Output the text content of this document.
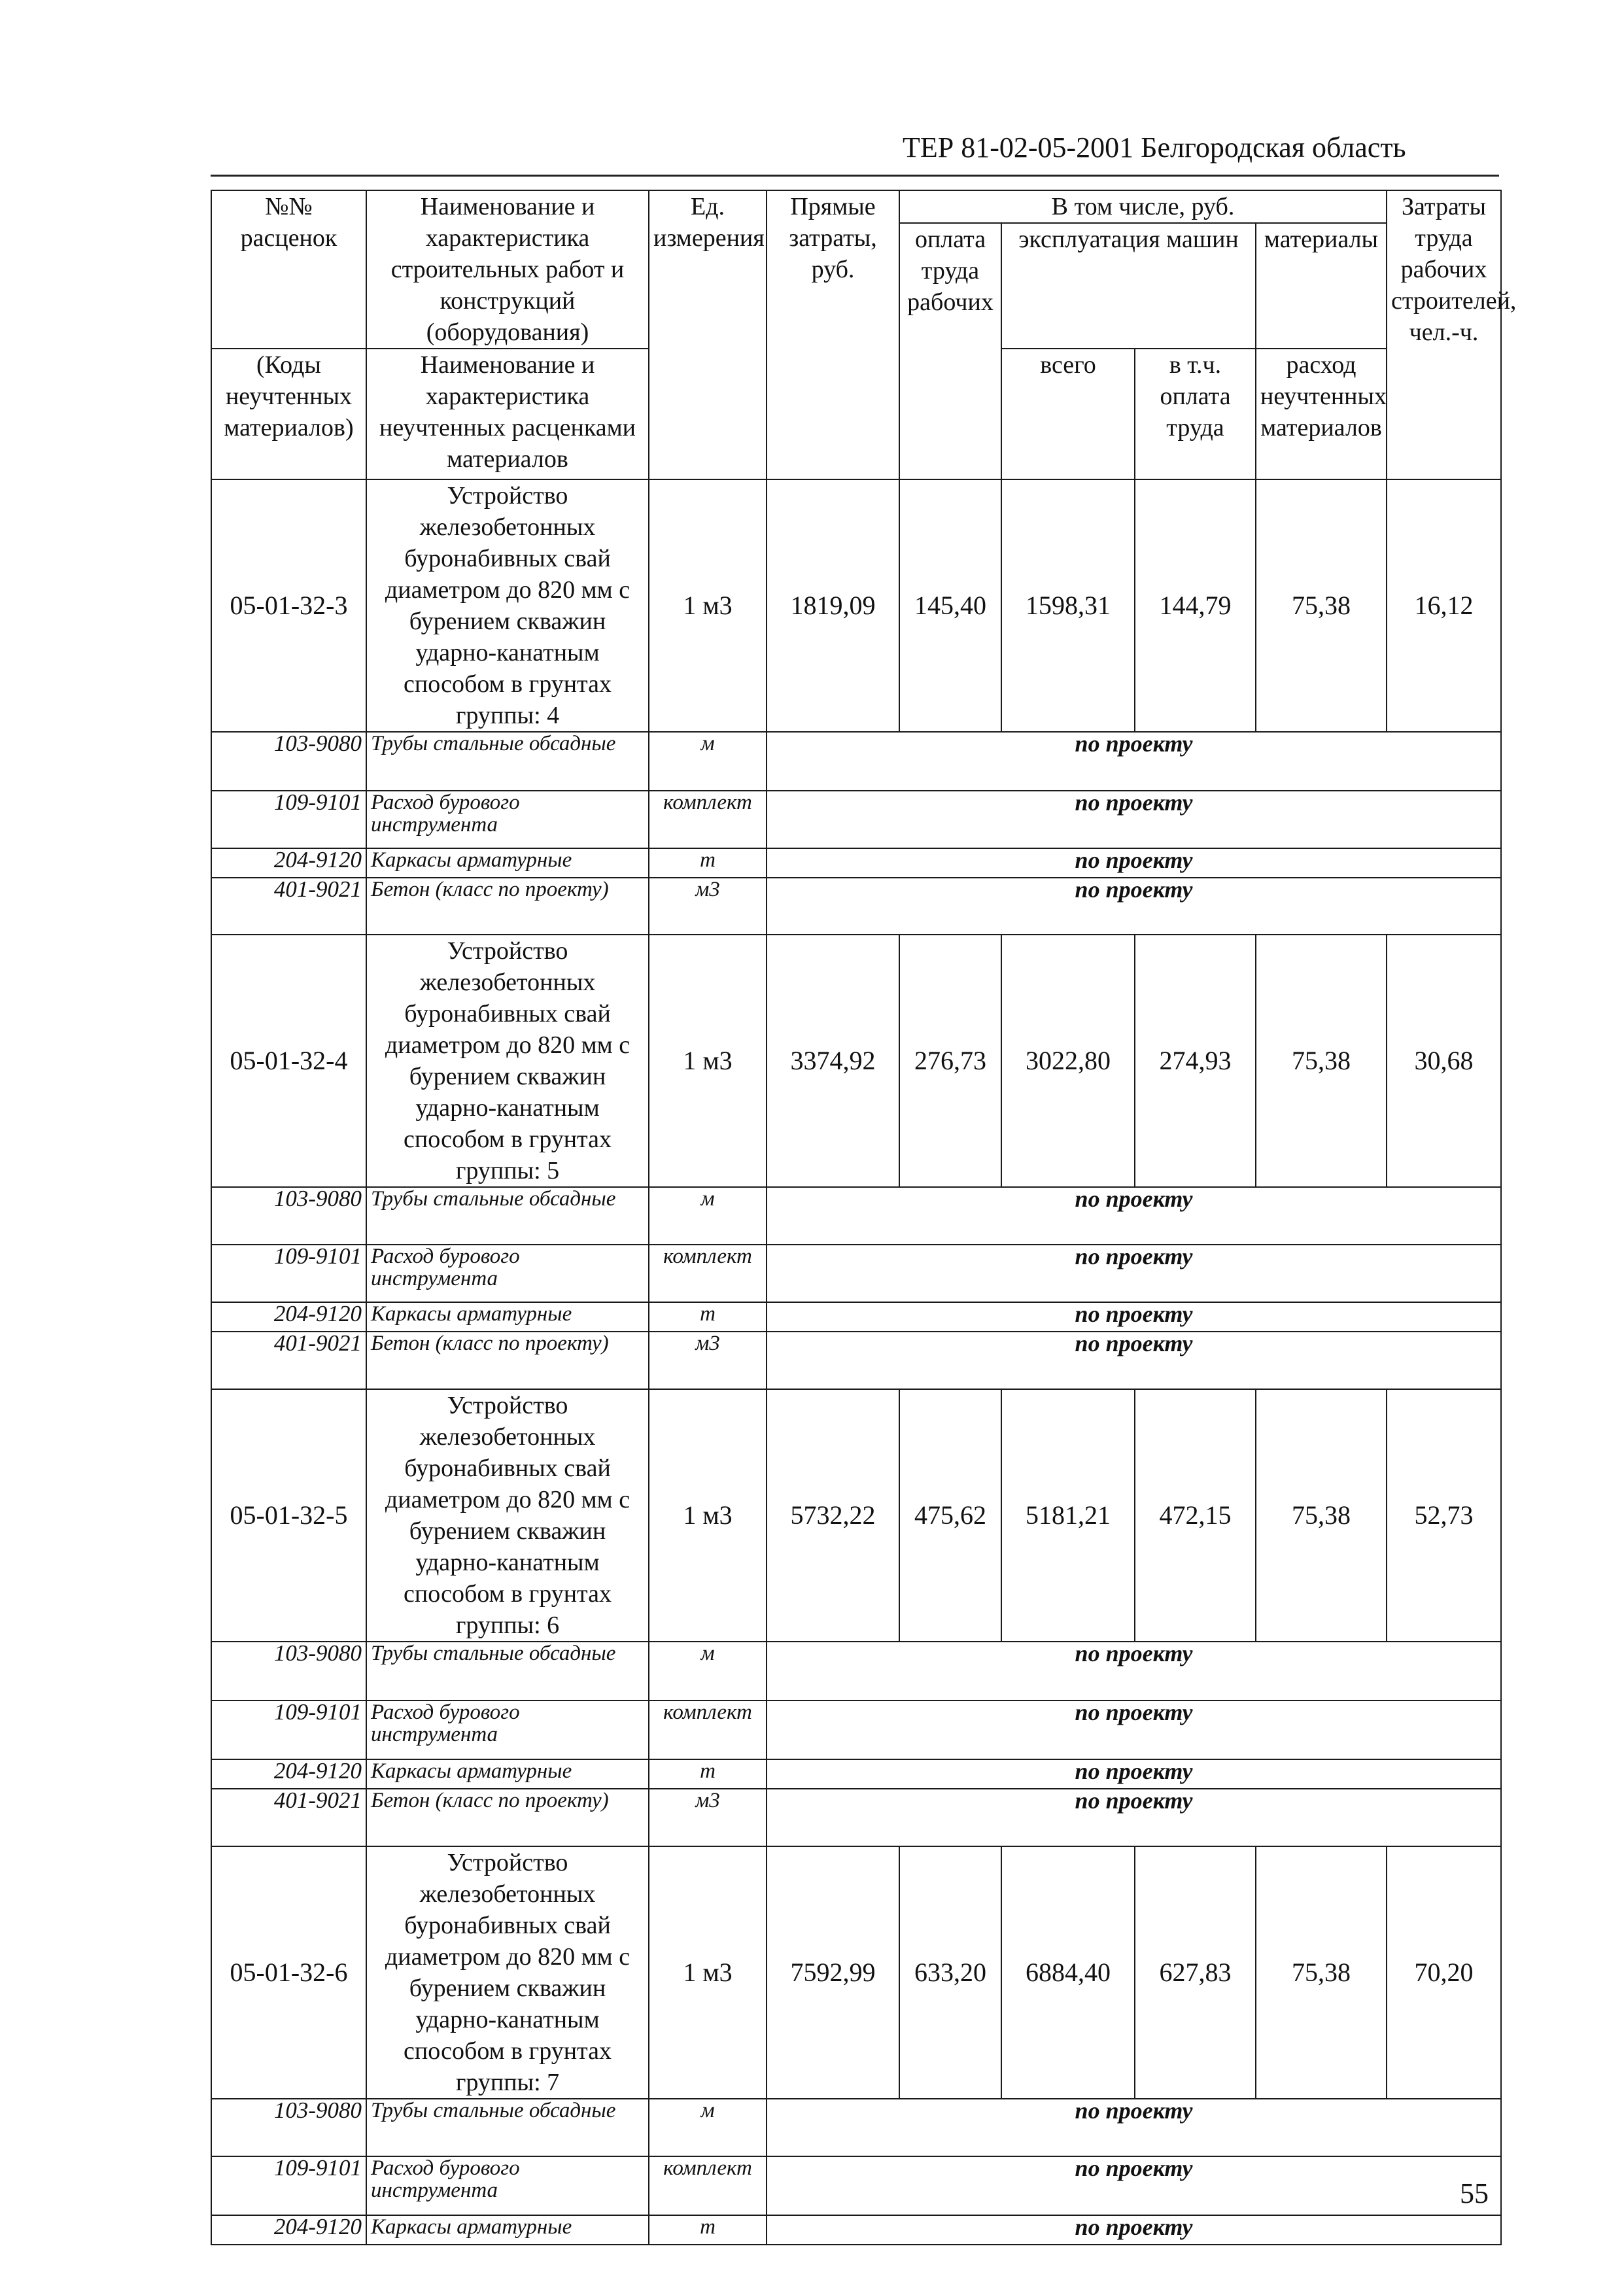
ТЕР 81-02-05-2001 Белгородская область
№№ расценок	Наименование и характеристика строительных работ и конструкций (оборудования)	Ед. измерения	Прямые затраты, руб.	В том числе, руб.				Затраты труда рабочих строителей, чел.-ч.
				оплата труда рабочих	эксплуатация машин		материалы	

(Коды неучтенных материалов)	Наименование и характеристика неучтенных расценками материалов				всего	в т.ч. оплата труда	расход неучтенных материалов	

05-01-32-3	Устройство железобетонных буронабивных свай диаметром до 820 мм с бурением скважин ударно-канатным способом в грунтах группы: 4	1 м3	1819,09	145,40	1598,31	144,79	75,38	16,12
103-9080	Трубы стальные обсадные	м	по проекту					
109-9101	Расход бурового инструмента	комплект	по проекту					
204-9120	Каркасы арматурные	т	по проекту					
401-9021	Бетон (класс по проекту)	м3	по проекту					
05-01-32-4	Устройство железобетонных буронабивных свай диаметром до 820 мм с бурением скважин ударно-канатным способом в грунтах группы: 5	1 м3	3374,92	276,73	3022,80	274,93	75,38	30,68
103-9080	Трубы стальные обсадные	м	по проекту					
109-9101	Расход бурового инструмента	комплект	по проекту					
204-9120	Каркасы арматурные	т	по проекту					
401-9021	Бетон (класс по проекту)	м3	по проекту					
05-01-32-5	Устройство железобетонных буронабивных свай диаметром до 820 мм с бурением скважин ударно-канатным способом в грунтах группы: 6	1 м3	5732,22	475,62	5181,21	472,15	75,38	52,73
103-9080	Трубы стальные обсадные	м	по проекту					
109-9101	Расход бурового инструмента	комплект	по проекту					
204-9120	Каркасы арматурные	т	по проекту					
401-9021	Бетон (класс по проекту)	м3	по проекту					
05-01-32-6	Устройство железобетонных буронабивных свай диаметром до 820 мм с бурением скважин ударно-канатным способом в грунтах группы: 7	1 м3	7592,99	633,20	6884,40	627,83	75,38	70,20
103-9080	Трубы стальные обсадные	м	по проекту					
109-9101	Расход бурового инструмента	комплект	по проекту					
204-9120	Каркасы арматурные	т	по проекту					
55
